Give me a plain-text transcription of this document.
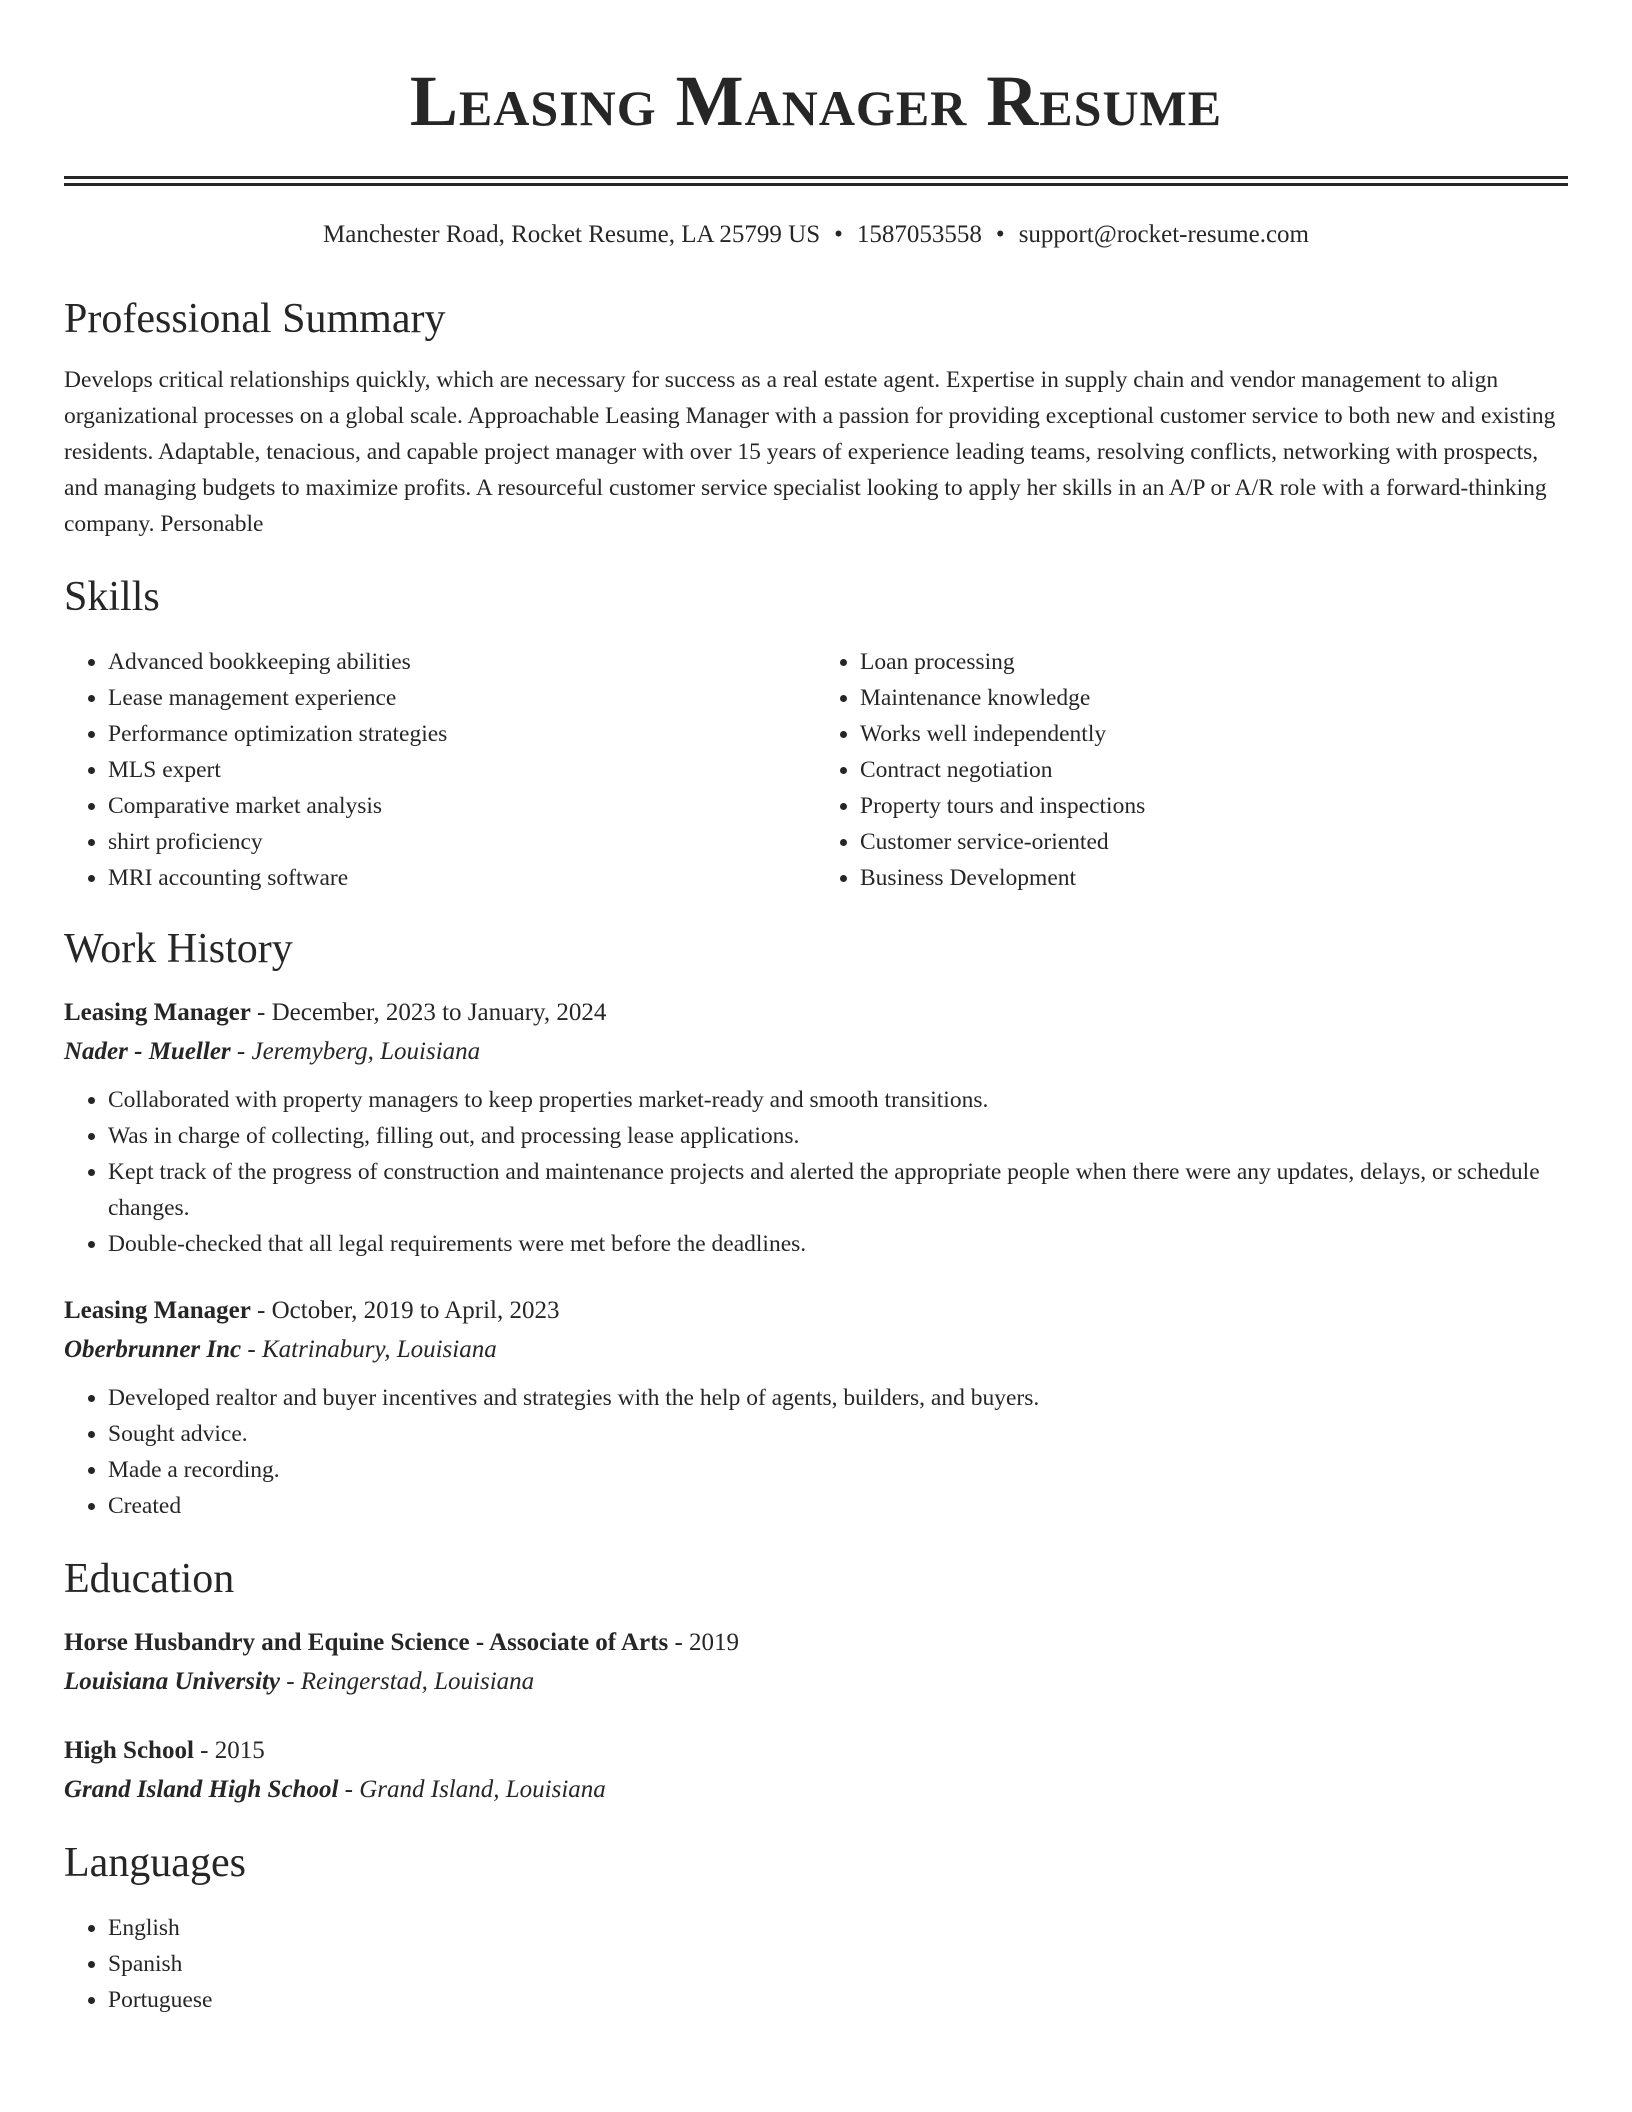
Leasing Manager Resume
Manchester Road, Rocket Resume, LA 25799 US • 1587053558 • support@rocket-resume.com
Professional Summary

Develops critical relationships quickly, which are necessary for success as a real estate agent. Expertise in supply chain and vendor management to align organizational processes on a global scale. Approachable Leasing Manager with a passion for providing exceptional customer service to both new and existing residents. Adaptable, tenacious, and capable project manager with over 15 years of experience leading teams, resolving conflicts, networking with prospects, and managing budgets to maximize profits. A resourceful customer service specialist looking to apply her skills in an A/P or A/R role with a forward-thinking company. Personable

Skills
• Advanced bookkeeping abilities
• Lease management experience
• Performance optimization strategies
• MLS expert
• Comparative market analysis
• shirt proficiency
• MRI accounting software
• Loan processing
• Maintenance knowledge
• Works well independently
• Contract negotiation
• Property tours and inspections
• Customer service-oriented
• Business Development
Work History
Leasing Manager - December, 2023 to January, 2024
Nader - Mueller - Jeremyberg, Louisiana
• Collaborated with property managers to keep properties market-ready and smooth transitions.
• Was in charge of collecting, filling out, and processing lease applications.
• Kept track of the progress of construction and maintenance projects and alerted the appropriate people when there were any updates, delays, or schedule changes.
• Double-checked that all legal requirements were met before the deadlines.
Leasing Manager - October, 2019 to April, 2023
Oberbrunner Inc - Katrinabury, Louisiana
• Developed realtor and buyer incentives and strategies with the help of agents, builders, and buyers.
• Sought advice.
• Made a recording.
• Created
Education
Horse Husbandry and Equine Science - Associate of Arts - 2019
Louisiana University - Reingerstad, Louisiana
High School - 2015
Grand Island High School - Grand Island, Louisiana
Languages
• English
• Spanish
• Portuguese
